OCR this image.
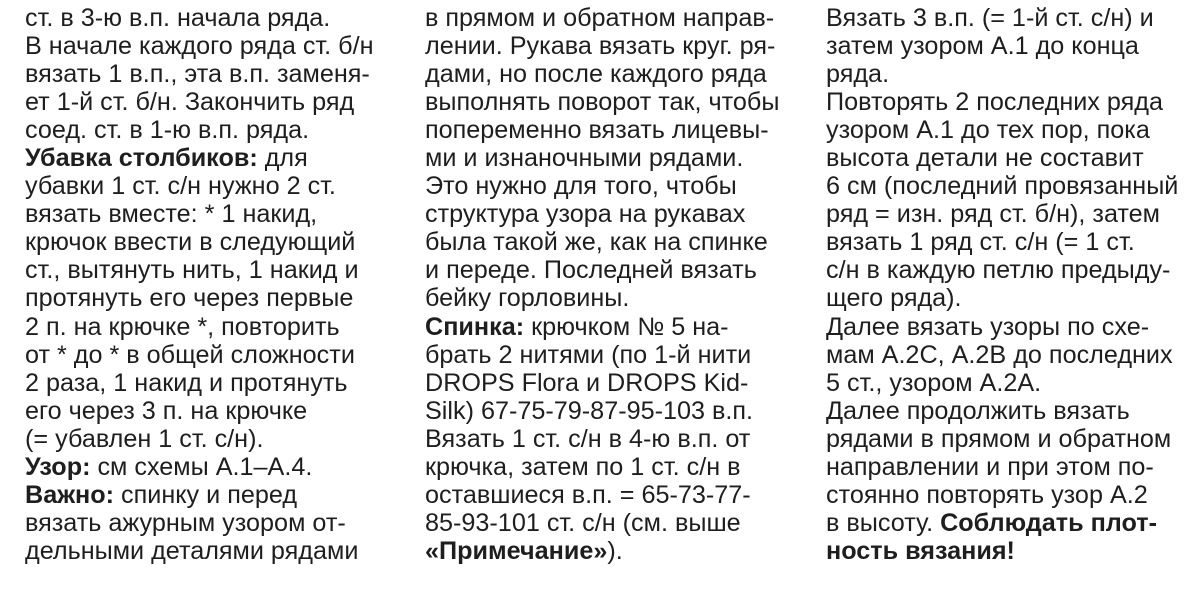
ст. в 3-ю в.п. начала ряда.
В начале каждого ряда ст. б/н
вязать 1 в.п., эта в.п. заменя-
ет 1-й ст. б/н. Закончить ряд
соед. ст. в 1-ю в.п. ряда.
Убавка столбиков: для
убавки 1 ст. с/н нужно 2 ст.
вязать вместе: * 1 накид,
крючок ввести в следующий
ст., вытянуть нить, 1 накид и
протянуть его через первые
2 п. на крючке *, повторить
от * до * в общей сложности
2 раза, 1 накид и протянуть
его через 3 п. на крючке
(= убавлен 1 ст. с/н).
Узор: см схемы А.1–А.4.
Важно: спинку и перед
вязать ажурным узором от-
дельными деталями рядами
в прямом и обратном направ-
лении. Рукава вязать круг. ря-
дами, но после каждого ряда
выполнять поворот так, чтобы
попеременно вязать лицевы-
ми и изнаночными рядами.
Это нужно для того, чтобы
структура узора на рукавах
была такой же, как на спинке
и переде. Последней вязать
бейку горловины.
Спинка: крючком № 5 на-
брать 2 нитями (по 1-й нити
DROPS Flora и DROPS Kid-
Silk) 67-75-79-87-95-103 в.п.
Вязать 1 ст. с/н в 4-ю в.п. от
крючка, затем по 1 ст. с/н в
оставшиеся в.п. = 65-73-77-
85-93-101 ст. с/н (см. выше
«Примечание»).
Вязать 3 в.п. (= 1-й ст. с/н) и
затем узором А.1 до конца
ряда.
Повторять 2 последних ряда
узором А.1 до тех пор, пока
высота детали не составит
6 см (последний провязанный
ряд = изн. ряд ст. б/н), затем
вязать 1 ряд ст. с/н (= 1 ст.
с/н в каждую петлю предыду-
щего ряда).
Далее вязать узоры по схе-
мам А.2С, А.2В до последних
5 ст., узором А.2А.
Далее продолжить вязать
рядами в прямом и обратном
направлении и при этом по-
стоянно повторять узор А.2
в высоту. Соблюдать плот-
ность вязания!
